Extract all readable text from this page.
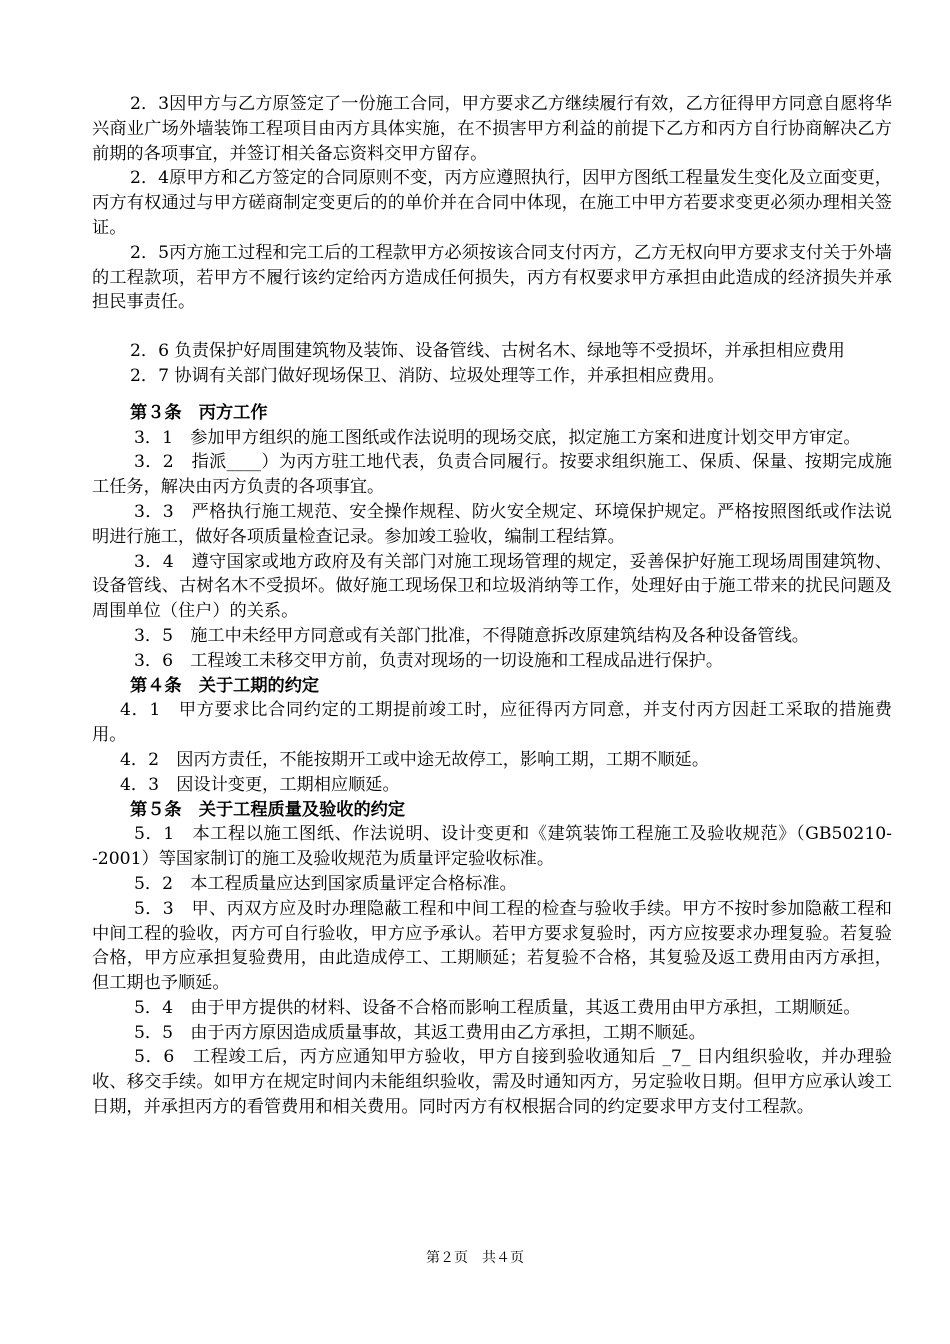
2．3因甲方与乙方原签定了一份施工合同，甲方要求乙方继续履行有效，乙方征得甲方同意自愿将华兴商业广场外墙装饰工程项目由丙方具体实施，在不损害甲方利益的前提下乙方和丙方自行协商解决乙方前期的各项事宜，并签订相关备忘资料交甲方留存。

2．4原甲方和乙方签定的合同原则不变，丙方应遵照执行，因甲方图纸工程量发生变化及立面变更，丙方有权通过与甲方磋商制定变更后的的单价并在合同中体现，在施工中甲方若要求变更必须办理相关签证。

2．5丙方施工过程和完工后的工程款甲方必须按该合同支付丙方，乙方无权向甲方要求支付关于外墙的工程款项，若甲方不履行该约定给丙方造成任何损失，丙方有权要求甲方承担由此造成的经济损失并承担民事责任。

2．6 负责保护好周围建筑物及装饰、设备管线、古树名木、绿地等不受损坏，并承担相应费用

2．7 协调有关部门做好现场保卫、消防、垃圾处理等工作，并承担相应费用。

第３条　丙方工作

3．1　参加甲方组织的施工图纸或作法说明的现场交底，拟定施工方案和进度计划交甲方审定。

3．2　指派____）为丙方驻工地代表，负责合同履行。按要求组织施工、保质、保量、按期完成施工任务，解决由丙方负责的各项事宜。

3．3　严格执行施工规范、安全操作规程、防火安全规定、环境保护规定。严格按照图纸或作法说明进行施工，做好各项质量检查记录。参加竣工验收，编制工程结算。

3．4　遵守国家或地方政府及有关部门对施工现场管理的规定，妥善保护好施工现场周围建筑物、设备管线、古树名木不受损坏。做好施工现场保卫和垃圾消纳等工作，处理好由于施工带来的扰民问题及周围单位（住户）的关系。

3．5　施工中未经甲方同意或有关部门批准，不得随意拆改原建筑结构及各种设备管线。

3．6　工程竣工未移交甲方前，负责对现场的一切设施和工程成品进行保护。

第４条　关于工期的约定

4．1　甲方要求比合同约定的工期提前竣工时，应征得丙方同意，并支付丙方因赶工采取的措施费用。

4．2　因丙方责任，不能按期开工或中途无故停工，影响工期，工期不顺延。

4．3　因设计变更，工期相应顺延。

第５条　关于工程质量及验收的约定

5．1　本工程以施工图纸、作法说明、设计变更和《建筑装饰工程施工及验收规范》（GB50210--2001）等国家制订的施工及验收规范为质量评定验收标准。

5．2　本工程质量应达到国家质量评定合格标准。

5．3　甲、丙双方应及时办理隐蔽工程和中间工程的检查与验收手续。甲方不按时参加隐蔽工程和中间工程的验收，丙方可自行验收，甲方应予承认。若甲方要求复验时，丙方应按要求办理复验。若复验合格，甲方应承担复验费用，由此造成停工、工期顺延；若复验不合格，其复验及返工费用由丙方承担，但工期也予顺延。

5．4　由于甲方提供的材料、设备不合格而影响工程质量，其返工费用由甲方承担，工期顺延。

5．5　由于丙方原因造成质量事故，其返工费用由乙方承担，工期不顺延。

5．6　工程竣工后，丙方应通知甲方验收，甲方自接到验收通知后 _7_ 日内组织验收，并办理验收、移交手续。如甲方在规定时间内未能组织验收，需及时通知丙方，另定验收日期。但甲方应承认竣工日期，并承担丙方的看管费用和相关费用。同时丙方有权根据合同的约定要求甲方支付工程款。

第２页　共４页
